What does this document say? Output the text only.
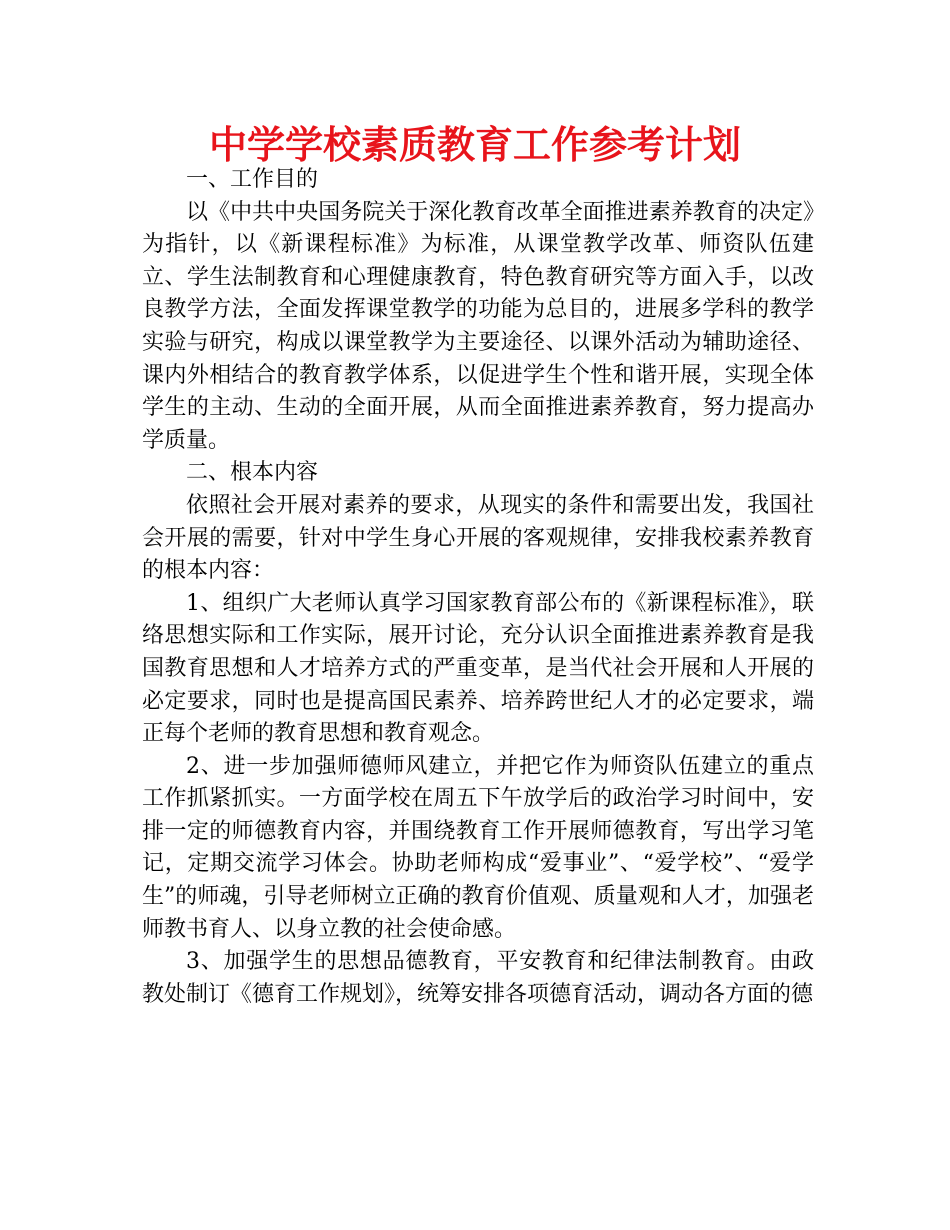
中学学校素质教育工作参考计划

一、工作目的

以《中共中央国务院关于深化教育改革全面推进素养教育的决定》为指针，以《新课程标准》为标准，从课堂教学改革、师资队伍建立、学生法制教育和心理健康教育，特色教育研究等方面入手，以改良教学方法，全面发挥课堂教学的功能为总目的，进展多学科的教学实验与研究，构成以课堂教学为主要途径、以课外活动为辅助途径、课内外相结合的教育教学体系，以促进学生个性和谐开展，实现全体学生的主动、生动的全面开展，从而全面推进素养教育，努力提高办学质量。

二、根本内容

依照社会开展对素养的要求，从现实的条件和需要出发，我国社会开展的需要，针对中学生身心开展的客观规律，安排我校素养教育的根本内容：

1、组织广大老师认真学习国家教育部公布的《新课程标准》，联络思想实际和工作实际，展开讨论，充分认识全面推进素养教育是我国教育思想和人才培养方式的严重变革，是当代社会开展和人开展的必定要求，同时也是提高国民素养、培养跨世纪人才的必定要求，端正每个老师的教育思想和教育观念。

2、进一步加强师德师风建立，并把它作为师资队伍建立的重点工作抓紧抓实。一方面学校在周五下午放学后的政治学习时间中，安排一定的师德教育内容，并围绕教育工作开展师德教育，写出学习笔记，定期交流学习体会。协助老师构成“爱事业”、“爱学校”、“爱学生”的师魂，引导老师树立正确的教育价值观、质量观和人才，加强老师教书育人、以身立教的社会使命感。

3、加强学生的思想品德教育，平安教育和纪律法制教育。由政教处制订《德育工作规划》，统筹安排各项德育活动，调动各方面的德
